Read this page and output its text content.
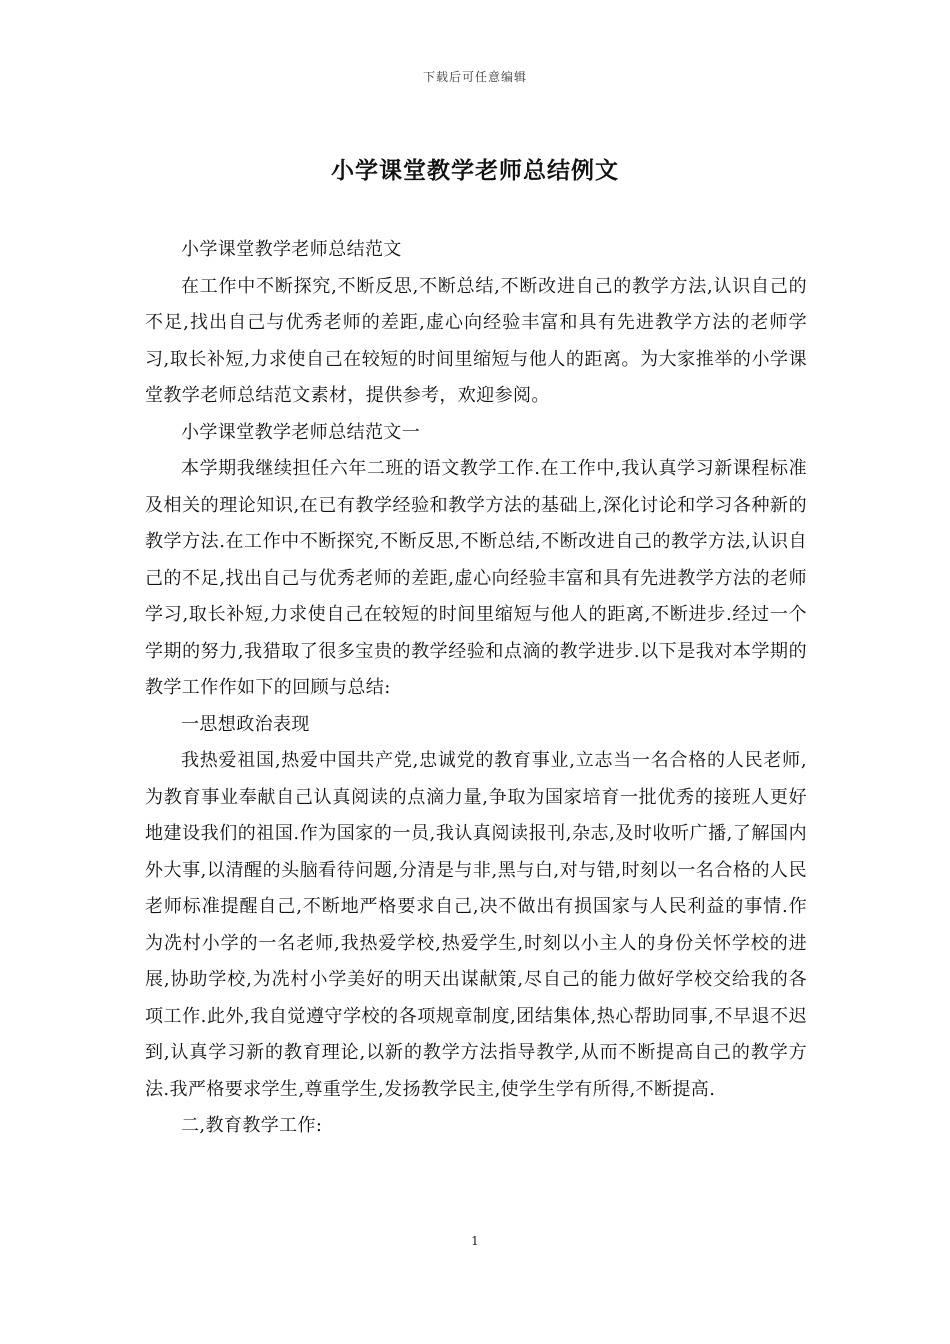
下载后可任意编辑
小学课堂教学老师总结例文

小学课堂教学老师总结范文

在工作中不断探究,不断反思,不断总结,不断改进自己的教学方法,认识自己的不足,找出自己与优秀老师的差距,虚心向经验丰富和具有先进教学方法的老师学习,取长补短,力求使自己在较短的时间里缩短与他人的距离。为大家推举的小学课堂教学老师总结范文素材，提供参考，欢迎参阅。

小学课堂教学老师总结范文一

本学期我继续担任六年二班的语文教学工作.在工作中,我认真学习新课程标准及相关的理论知识,在已有教学经验和教学方法的基础上,深化讨论和学习各种新的教学方法.在工作中不断探究,不断反思,不断总结,不断改进自己的教学方法,认识自己的不足,找出自己与优秀老师的差距,虚心向经验丰富和具有先进教学方法的老师学习,取长补短,力求使自己在较短的时间里缩短与他人的距离,不断进步.经过一个学期的努力,我猎取了很多宝贵的教学经验和点滴的教学进步.以下是我对本学期的教学工作作如下的回顾与总结:

一思想政治表现

我热爱祖国,热爱中国共产党,忠诚党的教育事业,立志当一名合格的人民老师,为教育事业奉献自己认真阅读的点滴力量,争取为国家培育一批优秀的接班人更好地建设我们的祖国.作为国家的一员,我认真阅读报刊,杂志,及时收听广播,了解国内外大事,以清醒的头脑看待问题,分清是与非,黑与白,对与错,时刻以一名合格的人民老师标准提醒自己,不断地严格要求自己,决不做出有损国家与人民利益的事情.作为冼村小学的一名老师,我热爱学校,热爱学生,时刻以小主人的身份关怀学校的进展,协助学校,为冼村小学美好的明天出谋献策,尽自己的能力做好学校交给我的各项工作.此外,我自觉遵守学校的各项规章制度,团结集体,热心帮助同事,不早退不迟到,认真学习新的教育理论,以新的教学方法指导教学,从而不断提高自己的教学方法.我严格要求学生,尊重学生,发扬教学民主,使学生学有所得,不断提高.

二,教育教学工作:

1
